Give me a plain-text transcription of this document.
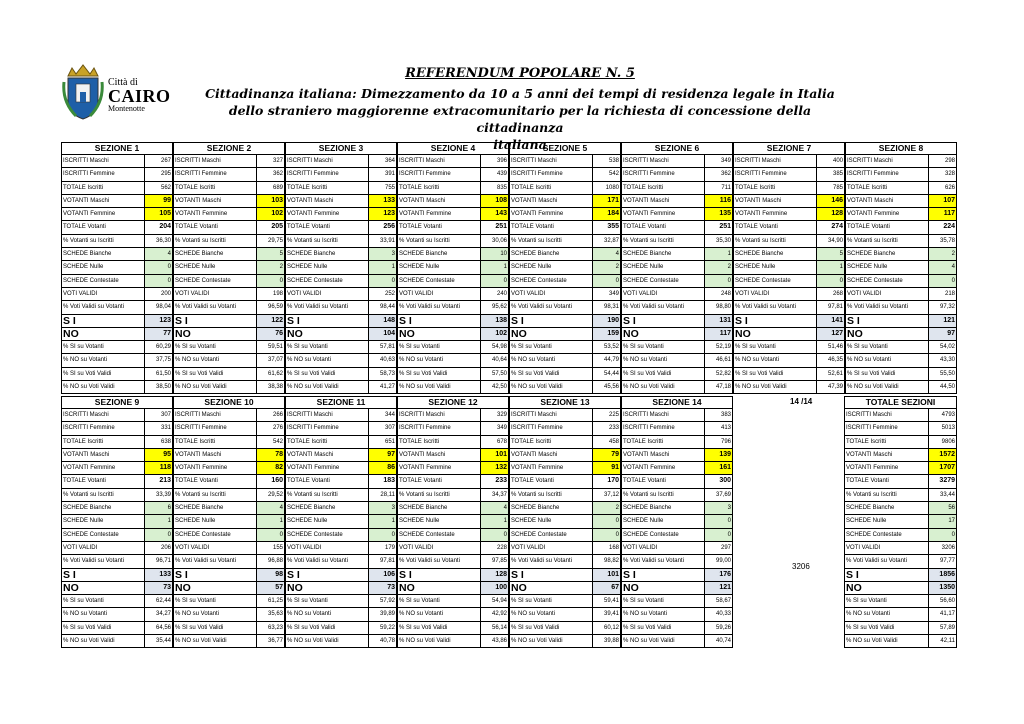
Città di
CAIRO
Montenotte
REFERENDUM POPOLARE N. 5
Cittadinanza italiana: Dimezzamento da 10 a 5 anni dei tempi di residenza legale in Italia
dello straniero maggiorenne extracomunitario per la richiesta di concessione della cittadinanza
italiana
SEZIONE 1
ISCRITTI Maschi	267
ISCRITTI Femmine	295
TOTALE Iscritti	562
VOTANTI Maschi	99
VOTANTI Femmine	105
TOTALE Votanti	204
% Votanti su Iscritti	36,30
SCHEDE Bianche	4
SCHEDE Nulle	0
SCHEDE Contestate	0
VOTI VALIDI	200
% Voti Validi su Votanti	98,04
S I	123
NO	77
% SI su Votanti	60,29
% NO su Votanti	37,75
% SI su Voti Validi	61,50
% NO su Voti Validi	38,50
SEZIONE 2
ISCRITTI Maschi	327
ISCRITTI Femmine	362
TOTALE Iscritti	689
VOTANTI Maschi	103
VOTANTI Femmine	102
TOTALE Votanti	205
% Votanti su Iscritti	29,75
SCHEDE Bianche	5
SCHEDE Nulle	2
SCHEDE Contestate	0
VOTI VALIDI	198
% Voti Validi su Votanti	96,59
S I	122
NO	76
% SI su Votanti	59,51
% NO su Votanti	37,07
% SI su Voti Validi	61,62
% NO su Voti Validi	38,38
SEZIONE 3
ISCRITTI Maschi	364
ISCRITTI Femmine	391
TOTALE Iscritti	755
VOTANTI Maschi	133
VOTANTI Femmine	123
TOTALE Votanti	256
% Votanti su Iscritti	33,91
SCHEDE Bianche	3
SCHEDE Nulle	1
SCHEDE Contestate	0
VOTI VALIDI	252
% Voti Validi su Votanti	98,44
S I	148
NO	104
% SI su Votanti	57,81
% NO su Votanti	40,63
% SI su Voti Validi	58,73
% NO su Voti Validi	41,27
SEZIONE 4
ISCRITTI Maschi	396
ISCRITTI Femmine	439
TOTALE Iscritti	835
VOTANTI Maschi	108
VOTANTI Femmine	143
TOTALE Votanti	251
% Votanti su Iscritti	30,06
SCHEDE Bianche	10
SCHEDE Nulle	1
SCHEDE Contestate	0
VOTI VALIDI	240
% Voti Validi su Votanti	95,62
S I	138
NO	102
% SI su Votanti	54,98
% NO su Votanti	40,64
% SI su Voti Validi	57,50
% NO su Voti Validi	42,50
SEZIONE 5
ISCRITTI Maschi	538
ISCRITTI Femmine	542
TOTALE Iscritti	1080
VOTANTI Maschi	171
VOTANTI Femmine	184
TOTALE Votanti	355
% Votanti su Iscritti	32,87
SCHEDE Bianche	4
SCHEDE Nulle	2
SCHEDE Contestate	0
VOTI VALIDI	349
% Voti Validi su Votanti	98,31
S I	190
NO	159
% SI su Votanti	53,52
% NO su Votanti	44,79
% SI su Voti Validi	54,44
% NO su Voti Validi	45,56
SEZIONE 6
ISCRITTI Maschi	349
ISCRITTI Femmine	362
TOTALE Iscritti	711
VOTANTI Maschi	116
VOTANTI Femmine	135
TOTALE Votanti	251
% Votanti su Iscritti	35,30
SCHEDE Bianche	1
SCHEDE Nulle	2
SCHEDE Contestate	0
VOTI VALIDI	248
% Voti Validi su Votanti	98,80
S I	131
NO	117
% SI su Votanti	52,19
% NO su Votanti	46,61
% SI su Voti Validi	52,82
% NO su Voti Validi	47,18
SEZIONE 7
ISCRITTI Maschi	400
ISCRITTI Femmine	385
TOTALE Iscritti	785
VOTANTI Maschi	146
VOTANTI Femmine	128
TOTALE Votanti	274
% Votanti su Iscritti	34,90
SCHEDE Bianche	5
SCHEDE Nulle	1
SCHEDE Contestate	0
VOTI VALIDI	268
% Voti Validi su Votanti	97,81
S I	141
NO	127
% SI su Votanti	51,46
% NO su Votanti	46,35
% SI su Voti Validi	52,61
% NO su Voti Validi	47,39
SEZIONE 8
ISCRITTI Maschi	298
ISCRITTI Femmine	328
TOTALE Iscritti	626
VOTANTI Maschi	107
VOTANTI Femmine	117
TOTALE Votanti	224
% Votanti su Iscritti	35,78
SCHEDE Bianche	2
SCHEDE Nulle	4
SCHEDE Contestate	0
VOTI VALIDI	218
% Voti Validi su Votanti	97,32
S I	121
NO	97
% SI su Votanti	54,02
% NO su Votanti	43,30
% SI su Voti Validi	55,50
% NO su Voti Validi	44,50
SEZIONE 9
ISCRITTI Maschi	307
ISCRITTI Femmine	331
TOTALE Iscritti	638
VOTANTI Maschi	95
VOTANTI Femmine	118
TOTALE Votanti	213
% Votanti su Iscritti	33,39
SCHEDE Bianche	6
SCHEDE Nulle	1
SCHEDE Contestate	0
VOTI VALIDI	206
% Voti Validi su Votanti	96,71
S I	133
NO	73
% SI su Votanti	62,44
% NO su Votanti	34,27
% SI su Voti Validi	64,56
% NO su Voti Validi	35,44
SEZIONE 10
ISCRITTI Maschi	266
ISCRITTI Femmine	276
TOTALE Iscritti	542
VOTANTI Maschi	78
VOTANTI Femmine	82
TOTALE Votanti	160
% Votanti su Iscritti	29,52
SCHEDE Bianche	4
SCHEDE Nulle	1
SCHEDE Contestate	0
VOTI VALIDI	155
% Voti Validi su Votanti	96,88
S I	98
NO	57
% SI su Votanti	61,25
% NO su Votanti	35,63
% SI su Voti Validi	63,23
% NO su Voti Validi	36,77
SEZIONE 11
ISCRITTI Maschi	344
ISCRITTI Femmine	307
TOTALE Iscritti	651
VOTANTI Maschi	97
VOTANTI Femmine	86
TOTALE Votanti	183
% Votanti su Iscritti	28,11
SCHEDE Bianche	3
SCHEDE Nulle	1
SCHEDE Contestate	0
VOTI VALIDI	179
% Voti Validi su Votanti	97,81
S I	106
NO	73
% SI su Votanti	57,92
% NO su Votanti	39,89
% SI su Voti Validi	59,22
% NO su Voti Validi	40,78
SEZIONE 12
ISCRITTI Maschi	329
ISCRITTI Femmine	349
TOTALE Iscritti	678
VOTANTI Maschi	101
VOTANTI Femmine	132
TOTALE Votanti	233
% Votanti su Iscritti	34,37
SCHEDE Bianche	4
SCHEDE Nulle	1
SCHEDE Contestate	0
VOTI VALIDI	228
% Voti Validi su Votanti	97,85
S I	128
NO	100
% SI su Votanti	54,94
% NO su Votanti	42,92
% SI su Voti Validi	56,14
% NO su Voti Validi	43,86
SEZIONE 13
ISCRITTI Maschi	225
ISCRITTI Femmine	233
TOTALE Iscritti	458
VOTANTI Maschi	79
VOTANTI Femmine	91
TOTALE Votanti	170
% Votanti su Iscritti	37,12
SCHEDE Bianche	2
SCHEDE Nulle	0
SCHEDE Contestate	0
VOTI VALIDI	168
% Voti Validi su Votanti	98,82
S I	101
NO	67
% SI su Votanti	59,41
% NO su Votanti	39,41
% SI su Voti Validi	60,12
% NO su Voti Validi	39,88
SEZIONE 14
ISCRITTI Maschi	383
ISCRITTI Femmine	413
TOTALE Iscritti	796
VOTANTI Maschi	139
VOTANTI Femmine	161
TOTALE Votanti	300
% Votanti su Iscritti	37,69
SCHEDE Bianche	3
SCHEDE Nulle	0
SCHEDE Contestate	0
VOTI VALIDI	297
% Voti Validi su Votanti	99,00
S I	176
NO	121
% SI su Votanti	58,67
% NO su Votanti	40,33
% SI su Voti Validi	59,26
% NO su Voti Validi	40,74
TOTALE SEZIONI
ISCRITTI Maschi	4793
ISCRITTI Femmine	5013
TOTALE Iscritti	9806
VOTANTI Maschi	1572
VOTANTI Femmine	1707
TOTALE Votanti	3279
% Votanti su Iscritti	33,44
SCHEDE Bianche	56
SCHEDE Nulle	17
SCHEDE Contestate	0
VOTI VALIDI	3206
% Voti Validi su Votanti	97,77
S I	1856
NO	1350
% SI su Votanti	56,60
% NO su Votanti	41,17
% SI su Voti Validi	57,89
% NO su Voti Validi	42,11
14 /14
3206
